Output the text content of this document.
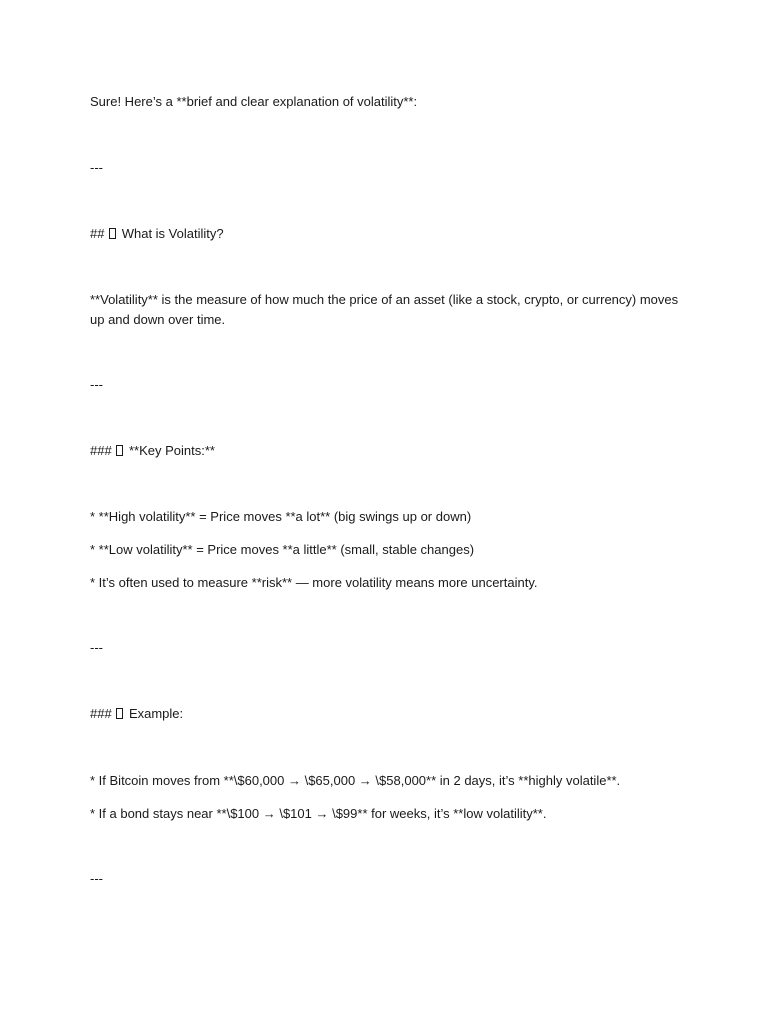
Sure! Here’s a **brief and clear explanation of volatility**:
---
## What is Volatility?
**Volatility** is the measure of how much the price of an asset (like a stock, crypto, or currency) moves up and down over time.
---
### **Key Points:**
* **High volatility** = Price moves **a lot** (big swings up or down)
* **Low volatility** = Price moves **a little** (small, stable changes)
* It’s often used to measure **risk** — more volatility means more uncertainty.
---
### Example:
* If Bitcoin moves from **\$60,000 → \$65,000 → \$58,000** in 2 days, it’s **highly volatile**.
* If a bond stays near **\$100 → \$101 → \$99** for weeks, it’s **low volatility**.
---
